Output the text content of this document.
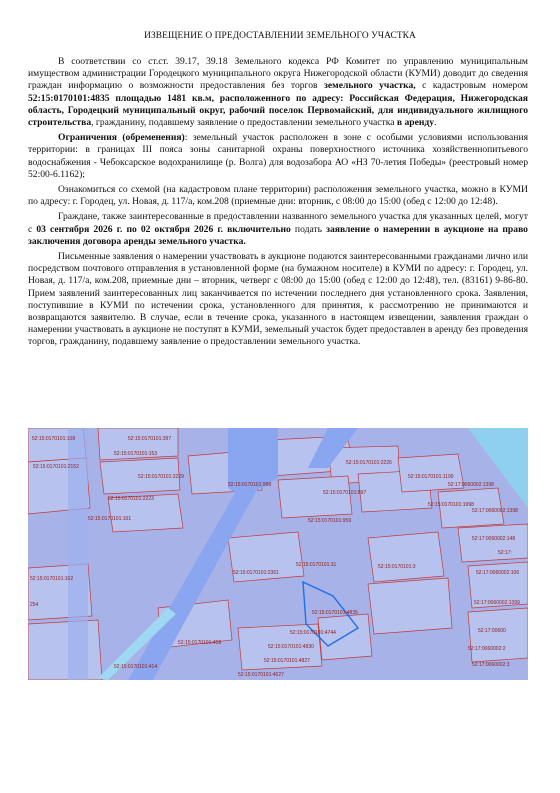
ИЗВЕЩЕНИЕ О ПРЕДОСТАВЛЕНИИ ЗЕМЕЛЬНОГО УЧАСТКА

В соответствии со ст.ст. 39.17, 39.18 Земельного кодекса РФ Комитет по управлению муниципальным имуществом администрации Городецкого муниципального округа Нижегородской области (КУМИ) доводит до сведения граждан информацию о возможности предоставления без торгов земельного участка, с кадастровым номером 52:15:0170101:4835 площадью 1481 кв.м, расположенного по адресу: Российская Федерация, Нижегородская область, Городецкий муниципальный округ, рабочий поселок Первомайский, для индивидуального жилищного строительства, гражданину, подавшему заявление о предоставлении земельного участка в аренду.

Ограничения (обременения): земельный участок расположен в зоне с особыми условиями использования территории: в границах III пояса зоны санитарной охраны поверхностного источника хозяйственнопитьевого водоснабжения - Чебоксарское водохранилище (р. Волга) для водозабора АО «НЗ 70-летия Победы» (реестровый номер 52:00-6.1162);

Ознакомиться со схемой (на кадастровом плане территории) расположения земельного участка, можно в КУМИ по адресу: г. Городец, ул. Новая, д. 117/а, ком.208 (приемные дни: вторник, с 08:00 до 15:00 (обед с 12:00 до 12:48).

Граждане, также заинтересованные в предоставлении названного земельного участка для указанных целей, могут с 03 сентября 2026 г. по 02 октября 2026 г. включительно подать заявление о намерении в аукционе на право заключения договора аренды земельного участка.

Письменные заявления о намерении участвовать в аукционе подаются заинтересованными гражданами лично или посредством почтового отправления в установленной форме (на бумажном носителе) в КУМИ по адресу: г. Городец, ул. Новая, д. 117/а, ком.208, приемные дни – вторник, четверг с 08:00 до 15:00 (обед с 12:00 до 12:48), тел. (83161) 9-86-80. Прием заявлений заинтересованных лиц заканчивается по истечении последнего дня установленного срока. Заявления, поступившие в КУМИ по истечении срока, установленного для принятия, к рассмотрению не принимаются и возвращаются заявителю. В случае, если в течение срока, указанного в настоящем извещении, заявления граждан о намерении участвовать в аукционе не поступят в КУМИ, земельный участок будет предоставлен в аренду без проведения торгов, гражданину, подавшему заявление о предоставлении земельного участка.

52:15:0170101:108	52:15:0170101:397
52:15:0170101:2152
52:15:0170101:153
52:15:0170101:2229
52:15:0170101:2226
52:15:0170101:2223
52:15:0170101:897
52:15:0170101:101
52:15:0170101:988
52:15:0170101:959
52:15:0170101:1199
52:15:0170101:1998
52:17:0060002:1398
52:17:0060002:1398
52:17:0060002:148
52:15:0170101:2361
52:15:0170101:31
52:15:0170101:4835
52:15:0170101:4744
52:15:0170101:4830
52:15:0170101:458
52:15:0170101:4827
52:15:0170101:4627
52:15:0170101:414
52:17:0060002:1399
52:17:0060002:106
52:17:0060002:2
52:15:0170101:3
52:15:0170101:162
254
52:17:0060002:3
52:17:00600
52:17:
